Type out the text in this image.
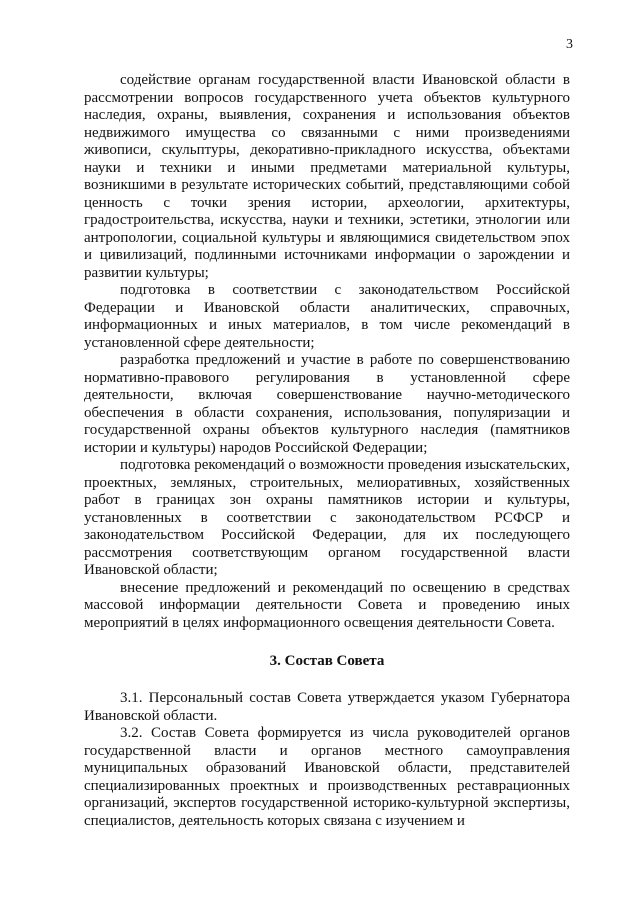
3

содействие органам государственной власти Ивановской области в рассмотрении вопросов государственного учета объектов культурного наследия, охраны, выявления, сохранения и использования объектов недвижимого имущества со связанными с ними произведениями живописи, скульптуры, декоративно-прикладного искусства, объектами науки и техники и иными предметами материальной культуры, возникшими в результате исторических событий, представляющими собой ценность с точки зрения истории, археологии, архитектуры, градостроительства, искусства, науки и техники, эстетики, этнологии или антропологии, социальной культуры и являющимися свидетельством эпох и цивилизаций, подлинными источниками информации о зарождении и развитии культуры;

подготовка в соответствии с законодательством Российской Федерации и Ивановской области аналитических, справочных, информационных и иных материалов, в том числе рекомендаций в установленной сфере деятельности;

разработка предложений и участие в работе по совершенствованию нормативно-правового регулирования в установленной сфере деятельности, включая совершенствование научно-методического обеспечения в области сохранения, использования, популяризации и государственной охраны объектов культурного наследия (памятников истории и культуры) народов Российской Федерации;

подготовка рекомендаций о возможности проведения изыскательских, проектных, земляных, строительных, мелиоративных, хозяйственных работ в границах зон охраны памятников истории и культуры, установленных в соответствии с законодательством РСФСР и законодательством Российской Федерации, для их последующего рассмотрения соответствующим органом государственной власти Ивановской области;

внесение предложений и рекомендаций по освещению в средствах массовой информации деятельности Совета и проведению иных мероприятий в целях информационного освещения деятельности Совета.

3. Состав Совета

3.1. Персональный состав Совета утверждается указом Губернатора Ивановской области.

3.2. Состав Совета формируется из числа руководителей органов государственной власти и органов местного самоуправления муниципальных образований Ивановской области, представителей специализированных проектных и производственных реставрационных организаций, экспертов государственной историко-культурной экспертизы, специалистов, деятельность которых связана с изучением и
